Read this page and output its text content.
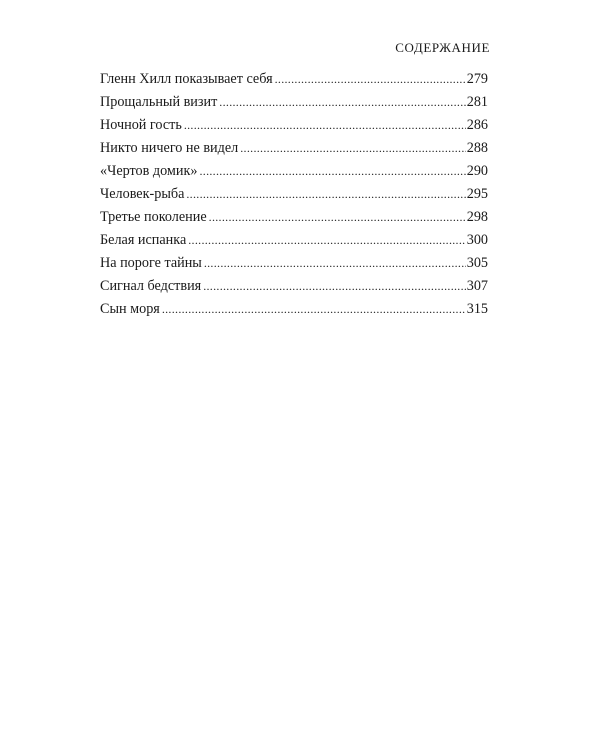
СОДЕРЖАНИЕ
Гленн Хилл показывает себя .....	279
Прощальный визит .....	281
Ночной гость .....	286
Никто ничего не видел .....	288
«Чертов домик» .....	290
Человек-рыба .....	295
Третье поколение .....	298
Белая испанка .....	300
На пороге тайны .....	305
Сигнал бедствия .....	307
Сын моря .....	315
